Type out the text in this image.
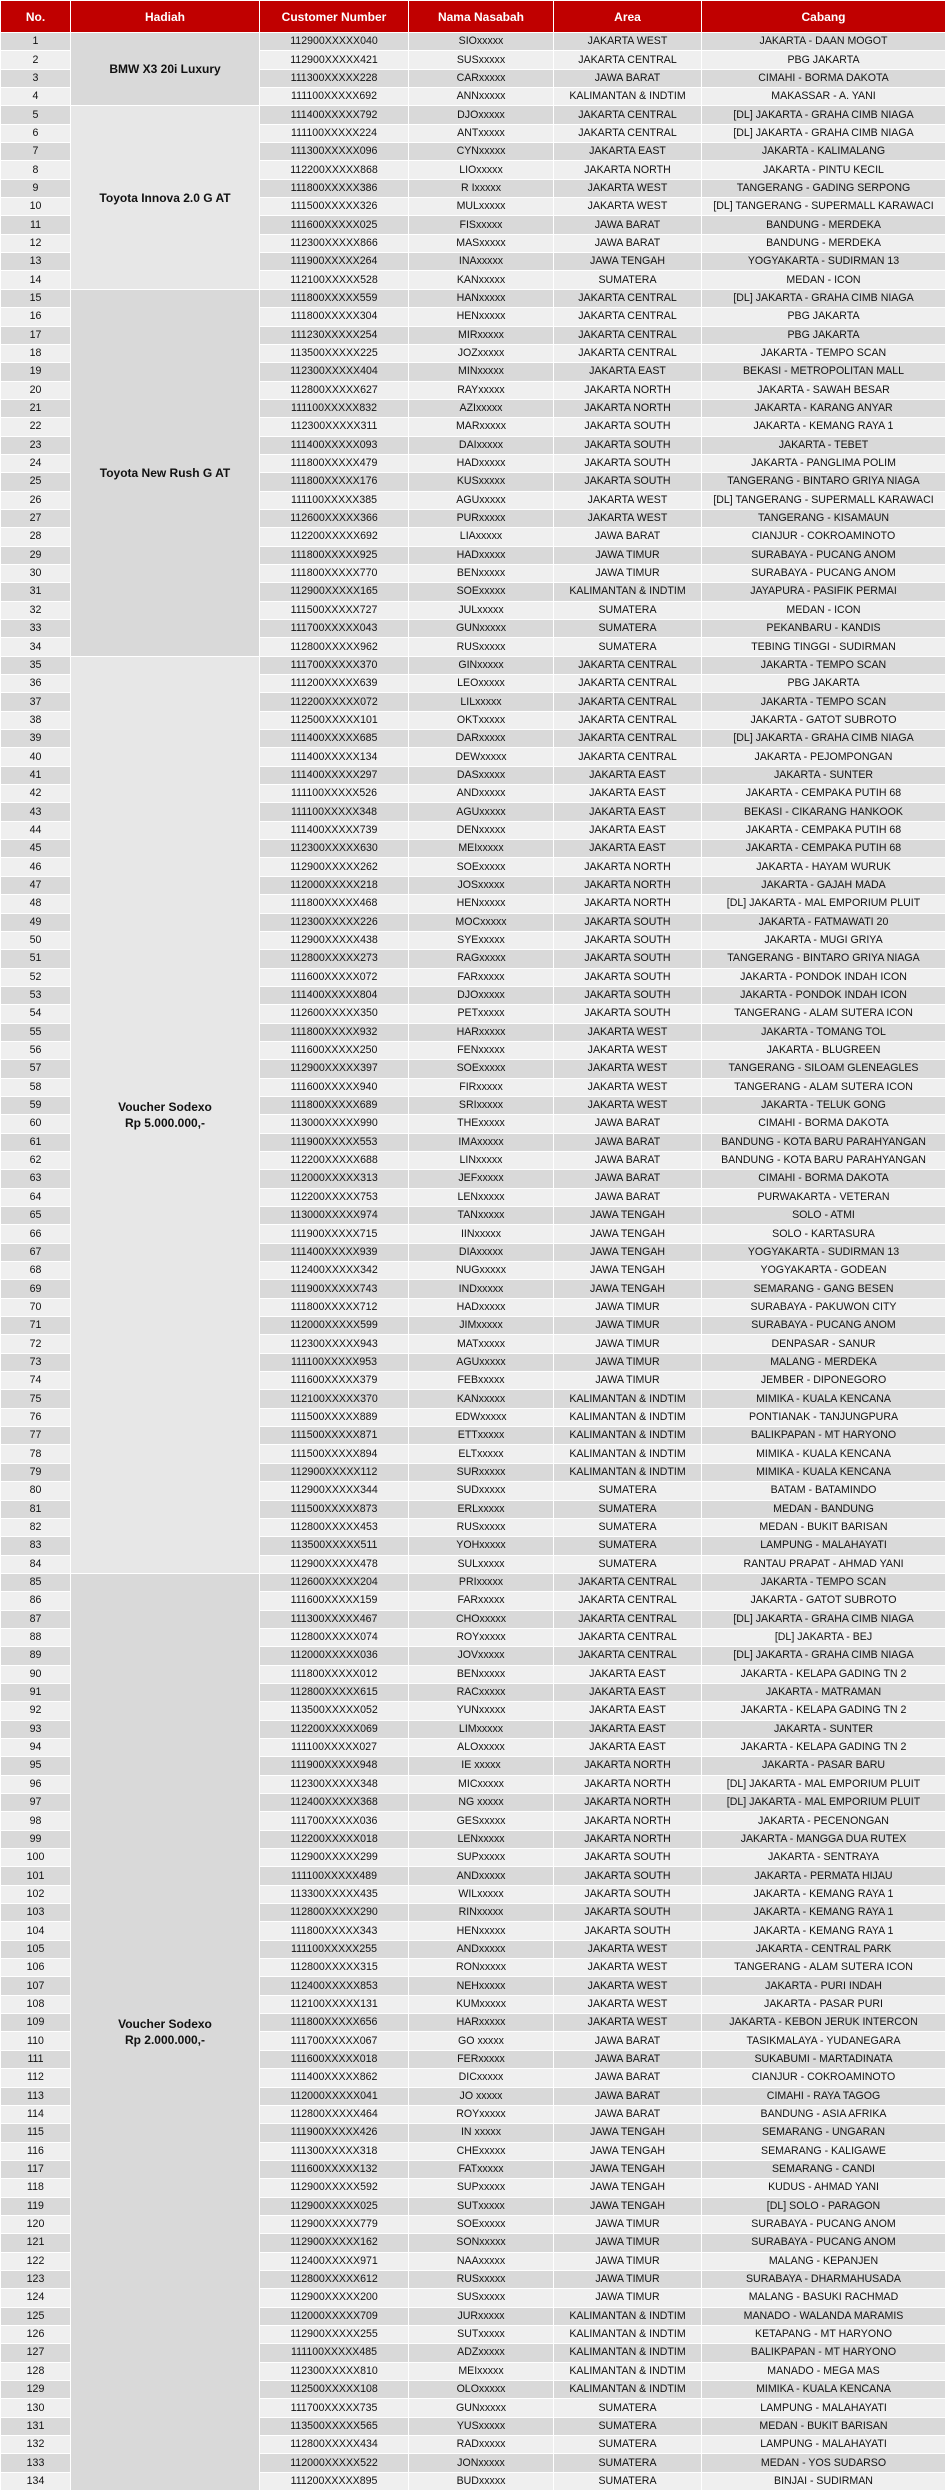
No.	Hadiah	Customer Number	Nama Nasabah	Area	Cabang
1	BMW X3 20i Luxury	112900XXXXX040	SIOxxxxx	JAKARTA WEST	JAKARTA - DAAN MOGOT
2		112900XXXXX421	SUSxxxxx	JAKARTA CENTRAL	PBG JAKARTA
3		111300XXXXX228	CARxxxxx	JAWA BARAT	CIMAHI - BORMA DAKOTA
4		111100XXXXX692	ANNxxxxx	KALIMANTAN & INDTIM	MAKASSAR - A. YANI
5	Toyota Innova 2.0 G AT	111400XXXXX792	DJOxxxxx	JAKARTA CENTRAL	[DL] JAKARTA - GRAHA CIMB NIAGA
6		111100XXXXX224	ANTxxxxx	JAKARTA CENTRAL	[DL] JAKARTA - GRAHA CIMB NIAGA
7		111300XXXXX096	CYNxxxxx	JAKARTA EAST	JAKARTA - KALIMALANG
8		112200XXXXX868	LIOxxxxx	JAKARTA NORTH	JAKARTA - PINTU KECIL
9		111800XXXXX386	R Ixxxxx	JAKARTA WEST	TANGERANG - GADING SERPONG
10		111500XXXXX326	MULxxxxx	JAKARTA WEST	[DL] TANGERANG - SUPERMALL KARAWACI
11		111600XXXXX025	FISxxxxx	JAWA BARAT	BANDUNG - MERDEKA
12		112300XXXXX866	MASxxxxx	JAWA BARAT	BANDUNG - MERDEKA
13		111900XXXXX264	INAxxxxx	JAWA TENGAH	YOGYAKARTA - SUDIRMAN 13
14		112100XXXXX528	KANxxxxx	SUMATERA	MEDAN - ICON
15	Toyota New Rush G AT	111800XXXXX559	HANxxxxx	JAKARTA CENTRAL	[DL] JAKARTA - GRAHA CIMB NIAGA
16		111800XXXXX304	HENxxxxx	JAKARTA CENTRAL	PBG JAKARTA
17		111230XXXXX254	MIRxxxxx	JAKARTA CENTRAL	PBG JAKARTA
18		113500XXXXX225	JOZxxxxx	JAKARTA CENTRAL	JAKARTA - TEMPO SCAN
19		112300XXXXX404	MINxxxxx	JAKARTA EAST	BEKASI - METROPOLITAN MALL
20		112800XXXXX627	RAYxxxxx	JAKARTA NORTH	JAKARTA - SAWAH BESAR
21		111100XXXXX832	AZIxxxxx	JAKARTA NORTH	JAKARTA - KARANG ANYAR
22		112300XXXXX311	MARxxxxx	JAKARTA SOUTH	JAKARTA - KEMANG RAYA 1
23		111400XXXXX093	DAIxxxxx	JAKARTA SOUTH	JAKARTA - TEBET
24		111800XXXXX479	HADxxxxx	JAKARTA SOUTH	JAKARTA - PANGLIMA POLIM
25		111800XXXXX176	KUSxxxxx	JAKARTA SOUTH	TANGERANG - BINTARO GRIYA NIAGA
26		111100XXXXX385	AGUxxxxx	JAKARTA WEST	[DL] TANGERANG - SUPERMALL KARAWACI
27		112600XXXXX366	PURxxxxx	JAKARTA WEST	TANGERANG - KISAMAUN
28		112200XXXXX692	LIAxxxxx	JAWA BARAT	CIANJUR - COKROAMINOTO
29		111800XXXXX925	HADxxxxx	JAWA TIMUR	SURABAYA - PUCANG ANOM
30		111800XXXXX770	BENxxxxx	JAWA TIMUR	SURABAYA - PUCANG ANOM
31		112900XXXXX165	SOExxxxx	KALIMANTAN & INDTIM	JAYAPURA - PASIFIK PERMAI
32		111500XXXXX727	JULxxxxx	SUMATERA	MEDAN - ICON
33		111700XXXXX043	GUNxxxxx	SUMATERA	PEKANBARU - KANDIS
34		112800XXXXX962	RUSxxxxx	SUMATERA	TEBING TINGGI - SUDIRMAN
35	Voucher Sodexo
Rp 5.000.000,-	111700XXXXX370	GINxxxxx	JAKARTA CENTRAL	JAKARTA - TEMPO SCAN
36		111200XXXXX639	LEOxxxxx	JAKARTA CENTRAL	PBG JAKARTA
37		112200XXXXX072	LILxxxxx	JAKARTA CENTRAL	JAKARTA - TEMPO SCAN
38		112500XXXXX101	OKTxxxxx	JAKARTA CENTRAL	JAKARTA - GATOT SUBROTO
39		111400XXXXX685	DARxxxxx	JAKARTA CENTRAL	[DL] JAKARTA - GRAHA CIMB NIAGA
40		111400XXXXX134	DEWxxxxx	JAKARTA CENTRAL	JAKARTA - PEJOMPONGAN
41		111400XXXXX297	DASxxxxx	JAKARTA EAST	JAKARTA - SUNTER
42		111100XXXXX526	ANDxxxxx	JAKARTA EAST	JAKARTA - CEMPAKA PUTIH 68
43		111100XXXXX348	AGUxxxxx	JAKARTA EAST	BEKASI - CIKARANG HANKOOK
44		111400XXXXX739	DENxxxxx	JAKARTA EAST	JAKARTA - CEMPAKA PUTIH 68
45		112300XXXXX630	MEIxxxxx	JAKARTA EAST	JAKARTA - CEMPAKA PUTIH 68
46		112900XXXXX262	SOExxxxx	JAKARTA NORTH	JAKARTA - HAYAM WURUK
47		112000XXXXX218	JOSxxxxx	JAKARTA NORTH	JAKARTA - GAJAH MADA
48		111800XXXXX468	HENxxxxx	JAKARTA NORTH	[DL] JAKARTA - MAL EMPORIUM PLUIT
49		112300XXXXX226	MOCxxxxx	JAKARTA SOUTH	JAKARTA - FATMAWATI 20
50		112900XXXXX438	SYExxxxx	JAKARTA SOUTH	JAKARTA - MUGI GRIYA
51		112800XXXXX273	RAGxxxxx	JAKARTA SOUTH	TANGERANG - BINTARO GRIYA NIAGA
52		111600XXXXX072	FARxxxxx	JAKARTA SOUTH	JAKARTA - PONDOK INDAH ICON
53		111400XXXXX804	DJOxxxxx	JAKARTA SOUTH	JAKARTA - PONDOK INDAH ICON
54		112600XXXXX350	PETxxxxx	JAKARTA SOUTH	TANGERANG - ALAM SUTERA ICON
55		111800XXXXX932	HARxxxxx	JAKARTA WEST	JAKARTA - TOMANG TOL
56		111600XXXXX250	FENxxxxx	JAKARTA WEST	JAKARTA - BLUGREEN
57		112900XXXXX397	SOExxxxx	JAKARTA WEST	TANGERANG - SILOAM GLENEAGLES
58		111600XXXXX940	FIRxxxxx	JAKARTA WEST	TANGERANG - ALAM SUTERA ICON
59		111800XXXXX689	SRIxxxxx	JAKARTA WEST	JAKARTA - TELUK GONG
60		113000XXXXX990	THExxxxx	JAWA BARAT	CIMAHI - BORMA DAKOTA
61		111900XXXXX553	IMAxxxxx	JAWA BARAT	BANDUNG - KOTA BARU PARAHYANGAN
62		112200XXXXX688	LINxxxxx	JAWA BARAT	BANDUNG - KOTA BARU PARAHYANGAN
63		112000XXXXX313	JEFxxxxx	JAWA BARAT	CIMAHI - BORMA DAKOTA
64		112200XXXXX753	LENxxxxx	JAWA BARAT	PURWAKARTA - VETERAN
65		113000XXXXX974	TANxxxxx	JAWA TENGAH	SOLO - ATMI
66		111900XXXXX715	IINxxxxx	JAWA TENGAH	SOLO - KARTASURA
67		111400XXXXX939	DIAxxxxx	JAWA TENGAH	YOGYAKARTA - SUDIRMAN 13
68		112400XXXXX342	NUGxxxxx	JAWA TENGAH	YOGYAKARTA - GODEAN
69		111900XXXXX743	INDxxxxx	JAWA TENGAH	SEMARANG - GANG BESEN
70		111800XXXXX712	HADxxxxx	JAWA TIMUR	SURABAYA - PAKUWON CITY
71		112000XXXXX599	JIMxxxxx	JAWA TIMUR	SURABAYA - PUCANG ANOM
72		112300XXXXX943	MATxxxxx	JAWA TIMUR	DENPASAR - SANUR
73		111100XXXXX953	AGUxxxxx	JAWA TIMUR	MALANG - MERDEKA
74		111600XXXXX379	FEBxxxxx	JAWA TIMUR	JEMBER - DIPONEGORO
75		112100XXXXX370	KANxxxxx	KALIMANTAN & INDTIM	MIMIKA - KUALA KENCANA
76		111500XXXXX889	EDWxxxxx	KALIMANTAN & INDTIM	PONTIANAK - TANJUNGPURA
77		111500XXXXX871	ETTxxxxx	KALIMANTAN & INDTIM	BALIKPAPAN - MT HARYONO
78		111500XXXXX894	ELTxxxxx	KALIMANTAN & INDTIM	MIMIKA - KUALA KENCANA
79		112900XXXXX112	SURxxxxx	KALIMANTAN & INDTIM	MIMIKA - KUALA KENCANA
80		112900XXXXX344	SUDxxxxx	SUMATERA	BATAM - BATAMINDO
81		111500XXXXX873	ERLxxxxx	SUMATERA	MEDAN - BANDUNG
82		112800XXXXX453	RUSxxxxx	SUMATERA	MEDAN - BUKIT BARISAN
83		113500XXXXX511	YOHxxxxx	SUMATERA	LAMPUNG - MALAHAYATI
84		112900XXXXX478	SULxxxxx	SUMATERA	RANTAU PRAPAT - AHMAD YANI
85	Voucher Sodexo
Rp 2.000.000,-	112600XXXXX204	PRIxxxxx	JAKARTA CENTRAL	JAKARTA - TEMPO SCAN
86		111600XXXXX159	FARxxxxx	JAKARTA CENTRAL	JAKARTA - GATOT SUBROTO
87		111300XXXXX467	CHOxxxxx	JAKARTA CENTRAL	[DL] JAKARTA - GRAHA CIMB NIAGA
88		112800XXXXX074	ROYxxxxx	JAKARTA CENTRAL	[DL] JAKARTA - BEJ
89		112000XXXXX036	JOVxxxxx	JAKARTA CENTRAL	[DL] JAKARTA - GRAHA CIMB NIAGA
90		111800XXXXX012	BENxxxxx	JAKARTA EAST	JAKARTA - KELAPA GADING TN 2
91		112800XXXXX615	RACxxxxx	JAKARTA EAST	JAKARTA - MATRAMAN
92		113500XXXXX052	YUNxxxxx	JAKARTA EAST	JAKARTA - KELAPA GADING TN 2
93		112200XXXXX069	LIMxxxxx	JAKARTA EAST	JAKARTA - SUNTER
94		111100XXXXX027	ALOxxxxx	JAKARTA EAST	JAKARTA - KELAPA GADING TN 2
95		111900XXXXX948	IE xxxxx	JAKARTA NORTH	JAKARTA - PASAR BARU
96		112300XXXXX348	MICxxxxx	JAKARTA NORTH	[DL] JAKARTA - MAL EMPORIUM PLUIT
97		112400XXXXX368	NG xxxxx	JAKARTA NORTH	[DL] JAKARTA - MAL EMPORIUM PLUIT
98		111700XXXXX036	GESxxxxx	JAKARTA NORTH	JAKARTA - PECENONGAN
99		112200XXXXX018	LENxxxxx	JAKARTA NORTH	JAKARTA - MANGGA DUA RUTEX
100		112900XXXXX299	SUPxxxxx	JAKARTA SOUTH	JAKARTA - SENTRAYA
101		111100XXXXX489	ANDxxxxx	JAKARTA SOUTH	JAKARTA - PERMATA HIJAU
102		113300XXXXX435	WILxxxxx	JAKARTA SOUTH	JAKARTA - KEMANG RAYA 1
103		112800XXXXX290	RINxxxxx	JAKARTA SOUTH	JAKARTA - KEMANG RAYA 1
104		111800XXXXX343	HENxxxxx	JAKARTA SOUTH	JAKARTA - KEMANG RAYA 1
105		111100XXXXX255	ANDxxxxx	JAKARTA WEST	JAKARTA - CENTRAL PARK
106		112800XXXXX315	RONxxxxx	JAKARTA WEST	TANGERANG - ALAM SUTERA ICON
107		112400XXXXX853	NEHxxxxx	JAKARTA WEST	JAKARTA - PURI INDAH
108		112100XXXXX131	KUMxxxxx	JAKARTA WEST	JAKARTA - PASAR PURI
109		111800XXXXX656	HARxxxxx	JAKARTA WEST	JAKARTA - KEBON JERUK INTERCON
110		111700XXXXX067	GO xxxxx	JAWA BARAT	TASIKMALAYA - YUDANEGARA
111		111600XXXXX018	FERxxxxx	JAWA BARAT	SUKABUMI - MARTADINATA
112		111400XXXXX862	DICxxxxx	JAWA BARAT	CIANJUR - COKROAMINOTO
113		112000XXXXX041	JO xxxxx	JAWA BARAT	CIMAHI - RAYA TAGOG
114		112800XXXXX464	ROYxxxxx	JAWA BARAT	BANDUNG - ASIA AFRIKA
115		111900XXXXX426	IN xxxxx	JAWA TENGAH	SEMARANG - UNGARAN
116		111300XXXXX318	CHExxxxx	JAWA TENGAH	SEMARANG - KALIGAWE
117		111600XXXXX132	FATxxxxx	JAWA TENGAH	SEMARANG - CANDI
118		112900XXXXX592	SUPxxxxx	JAWA TENGAH	KUDUS - AHMAD YANI
119		112900XXXXX025	SUTxxxxx	JAWA TENGAH	[DL] SOLO - PARAGON
120		112900XXXXX779	SOExxxxx	JAWA TIMUR	SURABAYA - PUCANG ANOM
121		112900XXXXX162	SONxxxxx	JAWA TIMUR	SURABAYA - PUCANG ANOM
122		112400XXXXX971	NAAxxxxx	JAWA TIMUR	MALANG - KEPANJEN
123		112800XXXXX612	RUSxxxxx	JAWA TIMUR	SURABAYA - DHARMAHUSADA
124		112900XXXXX200	SUSxxxxx	JAWA TIMUR	MALANG - BASUKI RACHMAD
125		112000XXXXX709	JURxxxxx	KALIMANTAN & INDTIM	MANADO - WALANDA MARAMIS
126		112900XXXXX255	SUTxxxxx	KALIMANTAN & INDTIM	KETAPANG - MT HARYONO
127		111100XXXXX485	ADZxxxxx	KALIMANTAN & INDTIM	BALIKPAPAN - MT HARYONO
128		112300XXXXX810	MEIxxxxx	KALIMANTAN & INDTIM	MANADO - MEGA MAS
129		112500XXXXX108	OLOxxxxx	KALIMANTAN & INDTIM	MIMIKA - KUALA KENCANA
130		111700XXXXX735	GUNxxxxx	SUMATERA	LAMPUNG - MALAHAYATI
131		113500XXXXX565	YUSxxxxx	SUMATERA	MEDAN - BUKIT BARISAN
132		112800XXXXX434	RADxxxxx	SUMATERA	LAMPUNG - MALAHAYATI
133		112000XXXXX522	JONxxxxx	SUMATERA	MEDAN - YOS SUDARSO
134		111200XXXXX895	BUDxxxxx	SUMATERA	BINJAI - SUDIRMAN
